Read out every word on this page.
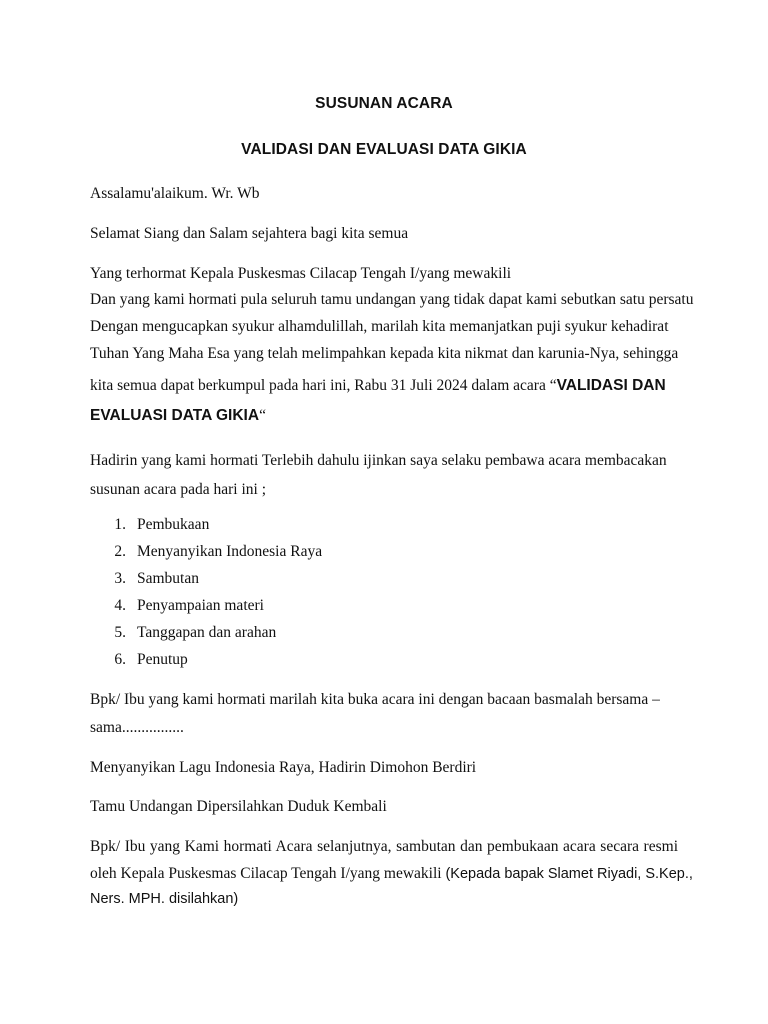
SUSUNAN ACARA
VALIDASI DAN EVALUASI DATA GIKIA
Assalamu'alaikum. Wr. Wb
Selamat Siang dan Salam sejahtera bagi kita semua
Yang terhormat Kepala Puskesmas Cilacap Tengah I/yang mewakili
Dan yang kami hormati pula seluruh tamu undangan yang tidak dapat kami sebutkan satu persatu
Dengan mengucapkan syukur alhamdulillah, marilah kita memanjatkan puji syukur kehadirat
Tuhan Yang Maha Esa yang telah melimpahkan kepada kita nikmat dan karunia-Nya, sehingga
kita semua dapat berkumpul pada hari ini, Rabu 31 Juli 2024 dalam acara “VALIDASI DAN
EVALUASI DATA GIKIA“
Hadirin yang kami hormati Terlebih dahulu ijinkan saya selaku pembawa acara membacakan
susunan acara pada hari ini ;
1. Pembukaan
2. Menyanyikan Indonesia Raya
3. Sambutan
4. Penyampaian materi
5. Tanggapan dan arahan
6. Penutup
Bpk/ Ibu yang kami hormati marilah kita buka acara ini dengan bacaan basmalah bersama –
sama................
Menyanyikan Lagu Indonesia Raya, Hadirin Dimohon Berdiri
Tamu Undangan Dipersilahkan Duduk Kembali
Bpk/ Ibu yang Kami hormati Acara selanjutnya, sambutan dan pembukaan acara secara resmi
oleh Kepala Puskesmas Cilacap Tengah I/yang mewakili (Kepada bapak Slamet Riyadi, S.Kep.,
Ners. MPH. disilahkan)
